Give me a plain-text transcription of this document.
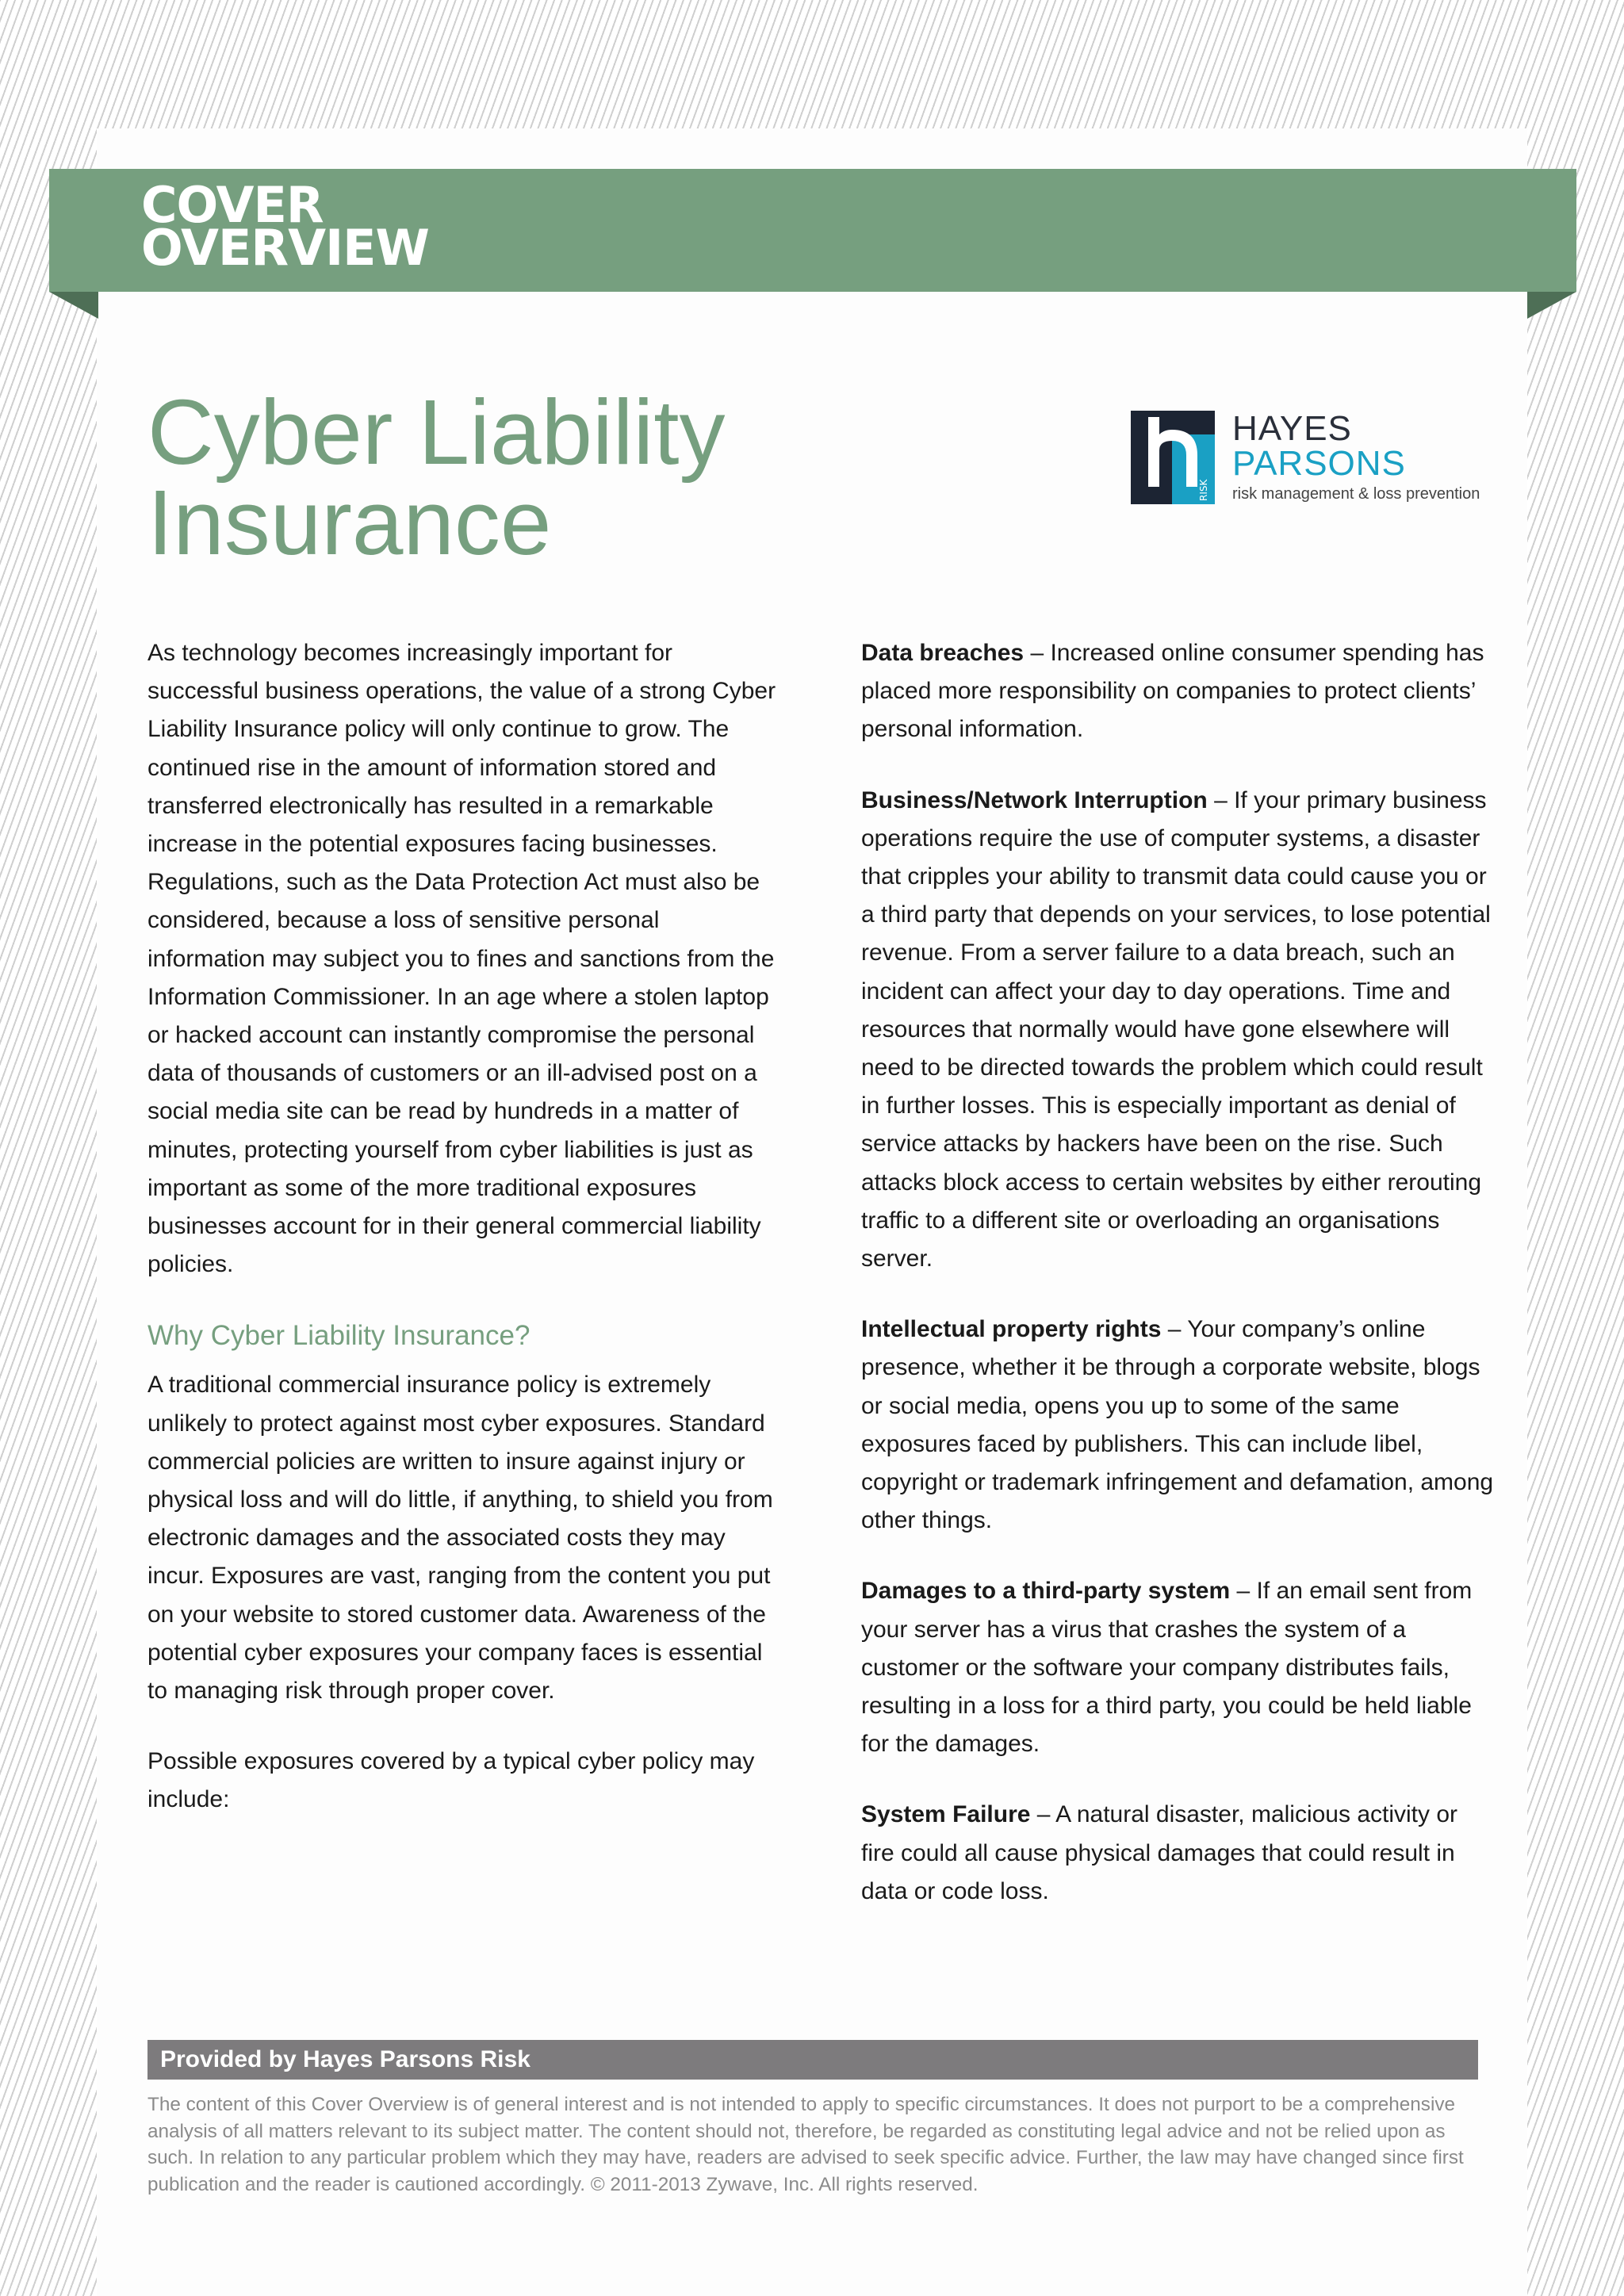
COVER
OVERVIEW
Cyber Liability
Insurance	RISK
HAYES
PARSONS
risk management & loss prevention

As technology becomes increasingly important for successful business operations, the value of a strong Cyber Liability Insurance policy will only continue to grow. The continued rise in the amount of information stored and transferred electronically has resulted in a remarkable increase in the potential exposures facing businesses. Regulations, such as the Data Protection Act must also be considered, because a loss of sensitive personal information may subject you to fines and sanctions from the Information Commissioner. In an age where a stolen laptop or hacked account can instantly compromise the personal data of thousands of customers or an ill-advised post on a social media site can be read by hundreds in a matter of minutes, protecting yourself from cyber liabilities is just as important as some of the more traditional exposures businesses account for in their general commercial liability policies.

Why Cyber Liability Insurance?

A traditional commercial insurance policy is extremely unlikely to protect against most cyber exposures. Standard commercial policies are written to insure against injury or physical loss and will do little, if anything, to shield you from electronic damages and the associated costs they may incur. Exposures are vast, ranging from the content you put on your website to stored customer data. Awareness of the potential cyber exposures your company faces is essential to managing risk through proper cover.

Possible exposures covered by a typical cyber policy may include:

Data breaches – Increased online consumer spending has placed more responsibility on companies to protect clients’ personal information.

Business/Network Interruption – If your primary business operations require the use of computer systems, a disaster that cripples your ability to transmit data could cause you or a third party that depends on your services, to lose potential revenue. From a server failure to a data breach, such an incident can affect your day to day operations. Time and resources that normally would have gone elsewhere will need to be directed towards the problem which could result in further losses. This is especially important as denial of service attacks by hackers have been on the rise. Such attacks block access to certain websites by either rerouting traffic to a different site or overloading an organisations server.

Intellectual property rights – Your company’s online presence, whether it be through a corporate website, blogs or social media, opens you up to some of the same exposures faced by publishers. This can include libel, copyright or trademark infringement and defamation, among other things.

Damages to a third-party system – If an email sent from your server has a virus that crashes the system of a customer or the software your company distributes fails, resulting in a loss for a third party, you could be held liable for the damages.

System Failure – A natural disaster, malicious activity or fire could all cause physical damages that could result in data or code loss.

Provided by Hayes Parsons Risk
The content of this Cover Overview is of general interest and is not intended to apply to specific circumstances. It does not purport to be a comprehensive analysis of all matters relevant to its subject matter. The content should not, therefore, be regarded as constituting legal advice and not be relied upon as such. In relation to any particular problem which they may have, readers are advised to seek specific advice. Further, the law may have changed since first publication and the reader is cautioned accordingly. © 2011-2013 Zywave, Inc. All rights reserved.
